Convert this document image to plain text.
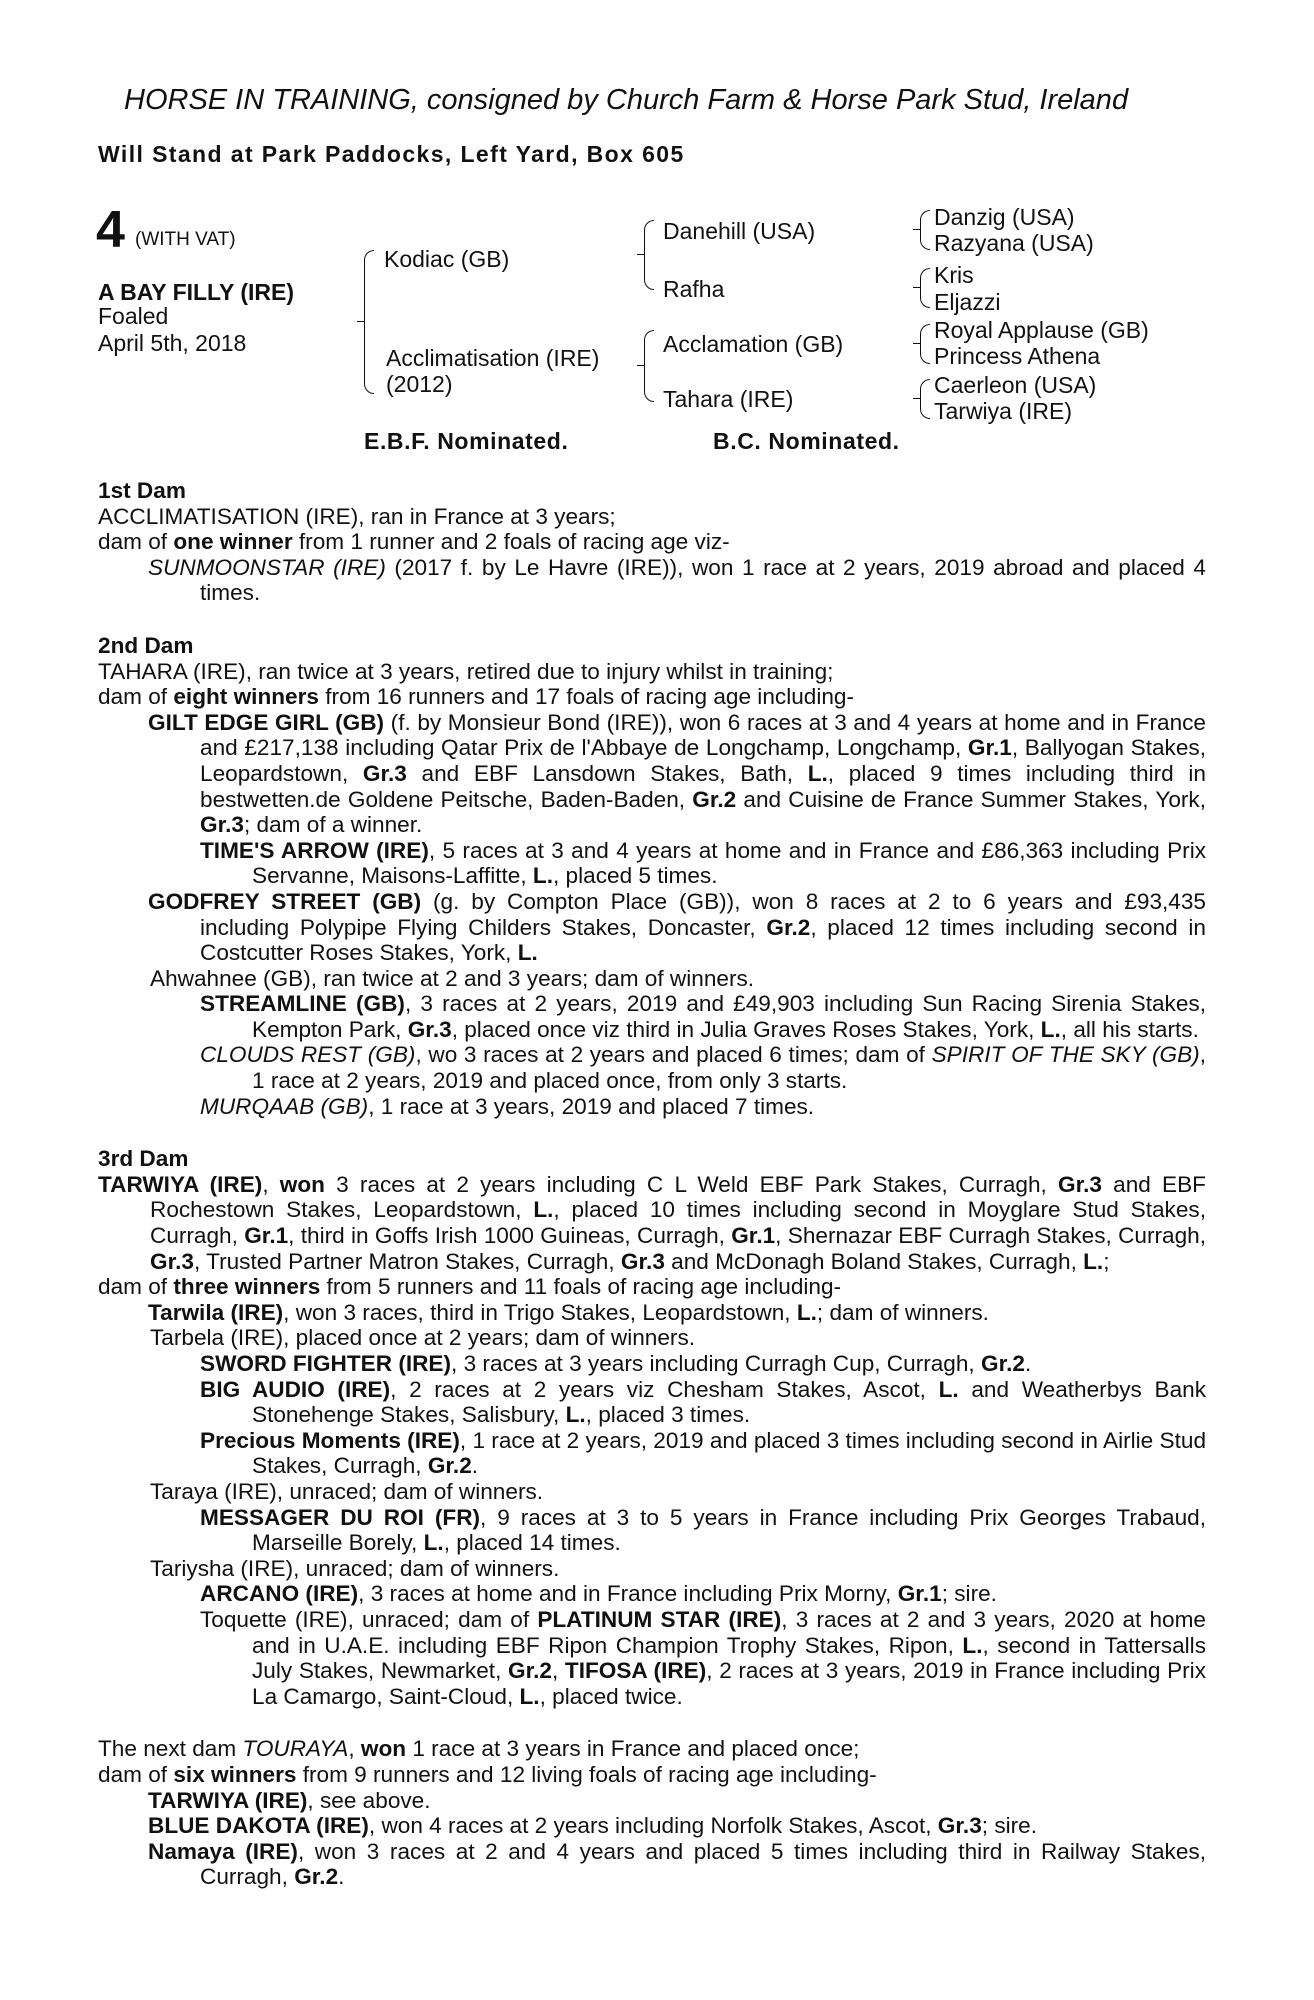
HORSE IN TRAINING, consigned by Church Farm & Horse Park Stud, Ireland
Will Stand at Park Paddocks, Left Yard, Box 605
4 (WITH VAT)
A BAY FILLY (IRE)
Foaled
April 5th, 2018
Kodiac (GB)
Acclimatisation (IRE)
(2012)
Danehill (USA)
Rafha
Acclamation (GB)
Tahara (IRE)
Danzig (USA)
Razyana (USA)
Kris
Eljazzi
Royal Applause (GB)
Princess Athena
Caerleon (USA)
Tarwiya (IRE)
E.B.F. Nominated.	B.C. Nominated.

1st Dam

ACCLIMATISATION (IRE), ran in France at 3 years;

dam of one winner from 1 runner and 2 foals of racing age viz-

SUNMOONSTAR (IRE) (2017 f. by Le Havre (IRE)), won 1 race at 2 years, 2019 abroad and placed 4 times.

2nd Dam

TAHARA (IRE), ran twice at 3 years, retired due to injury whilst in training;

dam of eight winners from 16 runners and 17 foals of racing age including-

GILT EDGE GIRL (GB) (f. by Monsieur Bond (IRE)), won 6 races at 3 and 4 years at home and in France and £217,138 including Qatar Prix de l'Abbaye de Longchamp, Longchamp, Gr.1, Ballyogan Stakes, Leopardstown, Gr.3 and EBF Lansdown Stakes, Bath, L., placed 9 times including third in bestwetten.de Goldene Peitsche, Baden-Baden, Gr.2 and Cuisine de France Summer Stakes, York, Gr.3; dam of a winner.

TIME'S ARROW (IRE), 5 races at 3 and 4 years at home and in France and £86,363 including Prix Servanne, Maisons-Laffitte, L., placed 5 times.

GODFREY STREET (GB) (g. by Compton Place (GB)), won 8 races at 2 to 6 years and £93,435 including Polypipe Flying Childers Stakes, Doncaster, Gr.2, placed 12 times including second in Costcutter Roses Stakes, York, L.

Ahwahnee (GB), ran twice at 2 and 3 years; dam of winners.

STREAMLINE (GB), 3 races at 2 years, 2019 and £49,903 including Sun Racing Sirenia Stakes, Kempton Park, Gr.3, placed once viz third in Julia Graves Roses Stakes, York, L., all his starts.

CLOUDS REST (GB), wo 3 races at 2 years and placed 6 times; dam of SPIRIT OF THE SKY (GB), 1 race at 2 years, 2019 and placed once, from only 3 starts.

MURQAAB (GB), 1 race at 3 years, 2019 and placed 7 times.

3rd Dam

TARWIYA (IRE), won 3 races at 2 years including C L Weld EBF Park Stakes, Curragh, Gr.3 and EBF Rochestown Stakes, Leopardstown, L., placed 10 times including second in Moyglare Stud Stakes, Curragh, Gr.1, third in Goffs Irish 1000 Guineas, Curragh, Gr.1, Shernazar EBF Curragh Stakes, Curragh, Gr.3, Trusted Partner Matron Stakes, Curragh, Gr.3 and McDonagh Boland Stakes, Curragh, L.;

dam of three winners from 5 runners and 11 foals of racing age including-

Tarwila (IRE), won 3 races, third in Trigo Stakes, Leopardstown, L.; dam of winners.

Tarbela (IRE), placed once at 2 years; dam of winners.

SWORD FIGHTER (IRE), 3 races at 3 years including Curragh Cup, Curragh, Gr.2.

BIG AUDIO (IRE), 2 races at 2 years viz Chesham Stakes, Ascot, L. and Weatherbys Bank Stonehenge Stakes, Salisbury, L., placed 3 times.

Precious Moments (IRE), 1 race at 2 years, 2019 and placed 3 times including second in Airlie Stud Stakes, Curragh, Gr.2.

Taraya (IRE), unraced; dam of winners.

MESSAGER DU ROI (FR), 9 races at 3 to 5 years in France including Prix Georges Trabaud, Marseille Borely, L., placed 14 times.

Tariysha (IRE), unraced; dam of winners.

ARCANO (IRE), 3 races at home and in France including Prix Morny, Gr.1; sire.

Toquette (IRE), unraced; dam of PLATINUM STAR (IRE), 3 races at 2 and 3 years, 2020 at home and in U.A.E. including EBF Ripon Champion Trophy Stakes, Ripon, L., second in Tattersalls July Stakes, Newmarket, Gr.2, TIFOSA (IRE), 2 races at 3 years, 2019 in France including Prix La Camargo, Saint-Cloud, L., placed twice.

The next dam TOURAYA, won 1 race at 3 years in France and placed once;

dam of six winners from 9 runners and 12 living foals of racing age including-

TARWIYA (IRE), see above.

BLUE DAKOTA (IRE), won 4 races at 2 years including Norfolk Stakes, Ascot, Gr.3; sire.

Namaya (IRE), won 3 races at 2 and 4 years and placed 5 times including third in Railway Stakes, Curragh, Gr.2.
